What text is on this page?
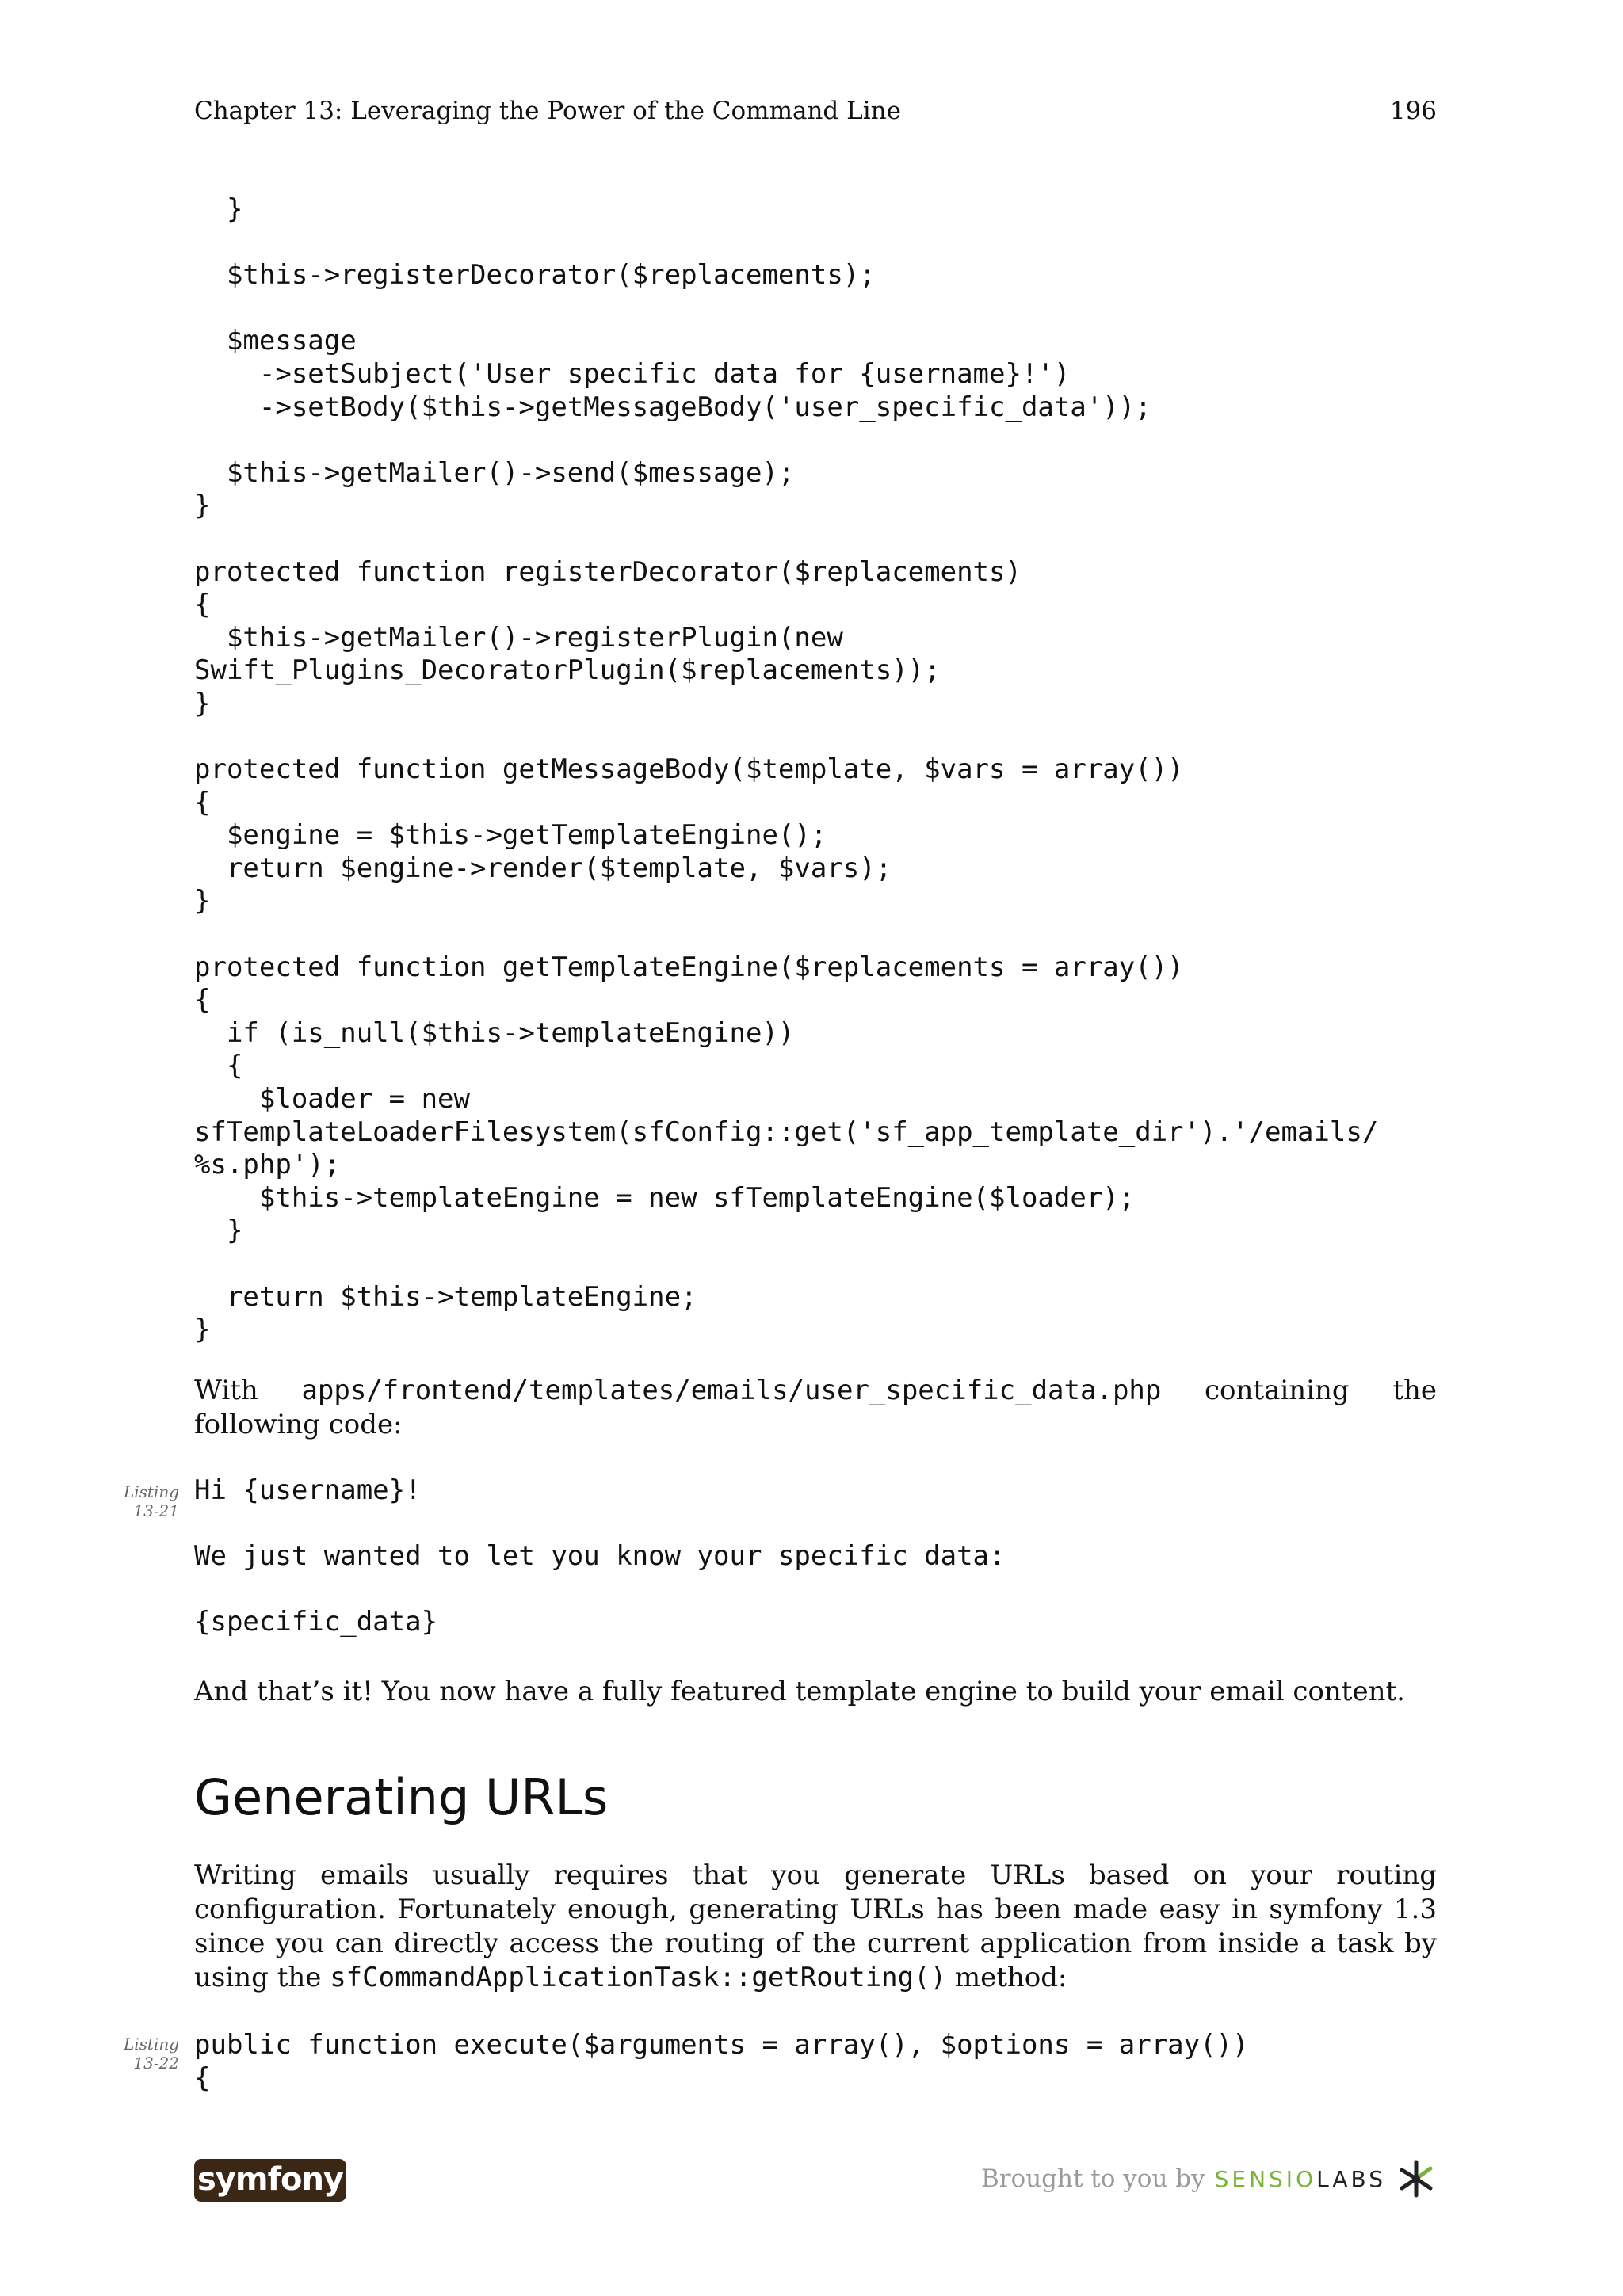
Chapter 13: Leveraging the Power of the Command Line	196
}

$this->registerDecorator($replacements);

$message
->setSubject('User specific data for {username}!')
->setBody($this->getMessageBody('user_specific_data'));

$this->getMailer()->send($message);
}

protected function registerDecorator($replacements)
{
$this->getMailer()->registerPlugin(new
Swift_Plugins_DecoratorPlugin($replacements));
}

protected function getMessageBody($template, $vars = array())
{
$engine = $this->getTemplateEngine();
return $engine->render($template, $vars);
}

protected function getTemplateEngine($replacements = array())
{
if (is_null($this->templateEngine))
{
$loader = new
sfTemplateLoaderFilesystem(sfConfig::get('sf_app_template_dir').'/emails/
%s.php');
$this->templateEngine = new sfTemplateEngine($loader);
}

return $this->templateEngine;
}

With apps/frontend/templates/emails/user_specific_data.php containing the following code:

Listing
13-21
Hi {username}!

We just wanted to let you know your specific data:

{specific_data}

And that’s it! You now have a fully featured template engine to build your email content.

Generating URLs

Writing emails usually requires that you generate URLs based on your routing configuration. Fortunately enough, generating URLs has been made easy in symfony 1.3 since you can directly access the routing of the current application from inside a task by using the sfCommandApplicationTask::getRouting() method:

Listing
13-22
public function execute($arguments = array(), $options = array())
{
symfony	Brought to you by SENSIOLABS
